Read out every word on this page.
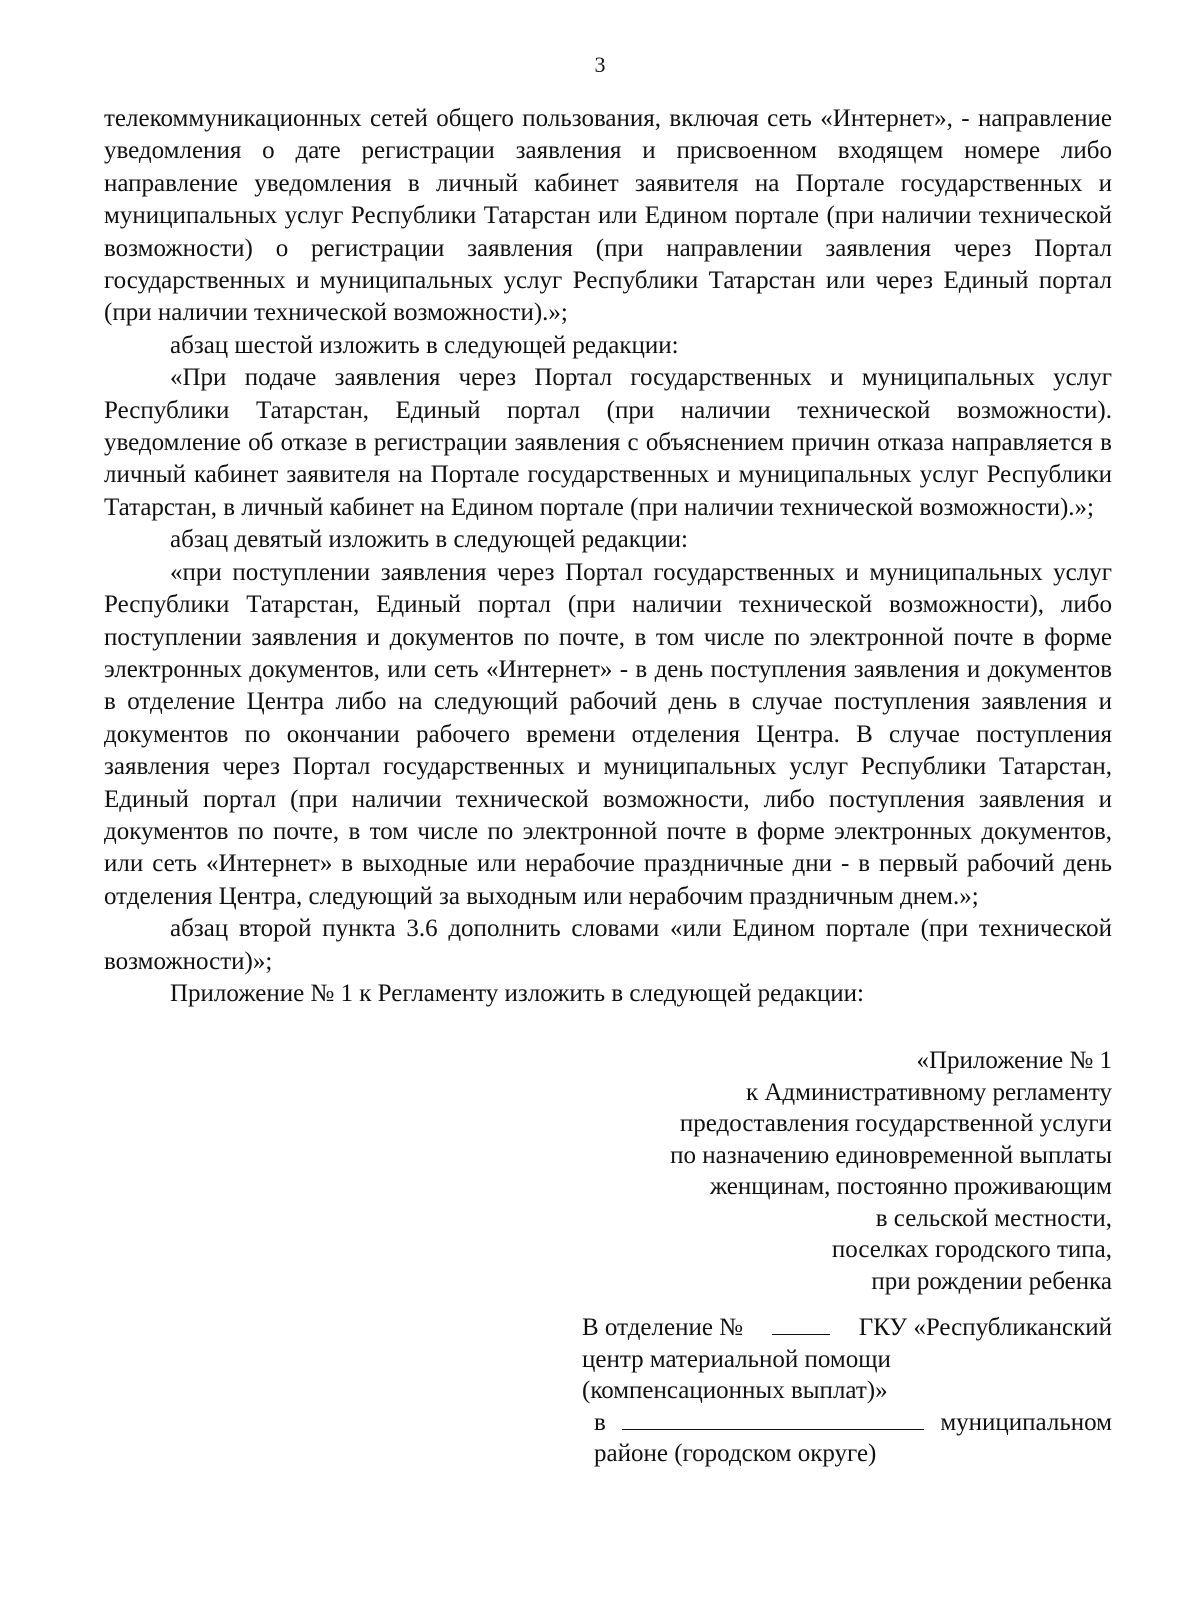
3

телекоммуникационных сетей общего пользования, включая сеть «Интернет», - направление уведомления о дате регистрации заявления и присвоенном входящем номере либо направление уведомления в личный кабинет заявителя на Портале государственных и муниципальных услуг Республики Татарстан или Едином портале (при наличии технической возможности) о регистрации заявления (при направлении заявления через Портал государственных и муниципальных услуг Республики Татарстан или через Единый портал (при наличии технической возможности).»;

абзац шестой изложить в следующей редакции:

«При подаче заявления через Портал государственных и муниципальных услуг Республики Татарстан, Единый портал (при наличии технической возможности). уведомление об отказе в регистрации заявления с объяснением причин отказа направляется в личный кабинет заявителя на Портале государственных и муниципальных услуг Республики Татарстан, в личный кабинет на Едином портале (при наличии технической возможности).»;

абзац девятый изложить в следующей редакции:

«при поступлении заявления через Портал государственных и муниципальных услуг Республики Татарстан, Единый портал (при наличии технической возможности), либо поступлении заявления и документов по почте, в том числе по электронной почте в форме электронных документов, или сеть «Интернет» - в день поступления заявления и документов в отделение Центра либо на следующий рабочий день в случае поступления заявления и документов по окончании рабочего времени отделения Центра. В случае поступления заявления через Портал государственных и муниципальных услуг Республики Татарстан, Единый портал (при наличии технической возможности, либо поступления заявления и документов по почте, в том числе по электронной почте в форме электронных документов, или сеть «Интернет» в выходные или нерабочие праздничные дни - в первый рабочий день отделения Центра, следующий за выходным или нерабочим праздничным днем.»;

абзац второй пункта 3.6 дополнить словами «или Едином портале (при технической возможности)»;

Приложение № 1 к Регламенту изложить в следующей редакции:

«Приложение № 1
к Административному регламенту
предоставления государственной услуги
по назначению единовременной выплаты
женщинам, постоянно проживающим
в сельской местности,
поселках городского типа,
при рождении ребенка
В отделение №	ГКУ «Республиканский
центр материальной помощи
(компенсационных выплат)»
в	муниципальном
районе (городском округе)
